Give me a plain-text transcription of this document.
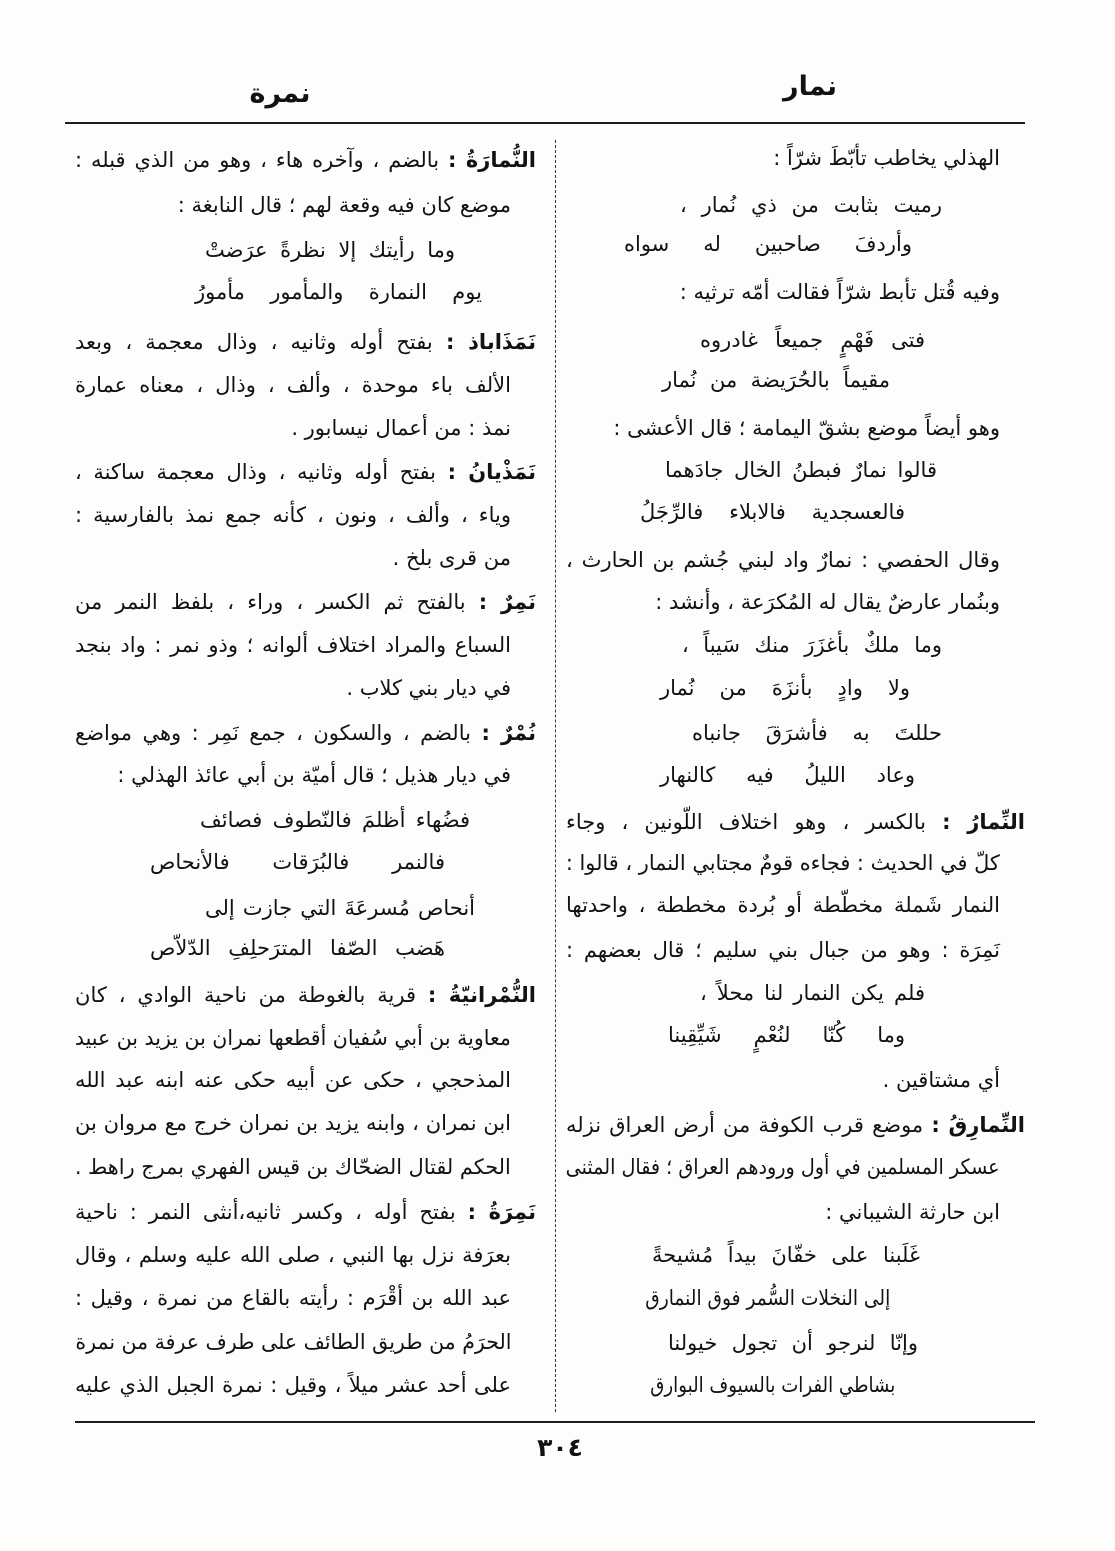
نمار
نمرة
الهذلي يخاطب تأبّطَ شرّاً :
رميت بثابت من ذي نُمار ،
وأردفَ صاحبين له سواه
وفيه قُتل تأبط شرّاً فقالت أمّه ترثيه :
فتى فَهْمٍ جميعاً غادروه
مقيماً بالحُرَيضة من نُمار
وهو أيضاً موضع بشقّ اليمامة ؛ قال الأعشى :
قالوا نمارٌ فبطنُ الخال جادَهما
فالعسجدية فالابلاء فالرِّجَلُ
وقال الحفصي : نمارٌ واد لبني جُشم بن الحارث ،
وبنُمار عارضٌ يقال له المُكرَعة ، وأنشد :
وما ملكٌ بأغزَرَ منك سَيباً ،
ولا وادٍ بأنزَهَ من نُمار
حللتَ به فأشرَقَ جانباه
وعاد الليلُ فيه كالنهار
النِّمارُ : بالكسر ، وهو اختلاف اللّونين ، وجاء
كلّ في الحديث : فجاءه قومٌ مجتابي النمار ، قالوا :
النمار شَملة مخطّطة أو بُردة مخططة ، واحدتها
نَمِرَة : وهو من جبال بني سليم ؛ قال بعضهم :
فلم يكن النمار لنا محلاً ،
وما كُنّا لنُعْمٍ شَيِّقِينا
أي مشتاقين .
النِّمارِقُ : موضع قرب الكوفة من أرض العراق نزله
عسكر المسلمين في أول ورودهم العراق ؛ فقال المثنى
ابن حارثة الشيباني :
غَلَبنا على خفّانَ بيداً مُشيحةً
إلى النخلات السُّمر فوق النمارق
وإنّا لنرجو أن تجول خيولنا
بشاطي الفرات بالسيوف البوارق
النُّمارَةُ : بالضم ، وآخره هاء ، وهو من الذي قبله :
موضع كان فيه وقعة لهم ؛ قال النابغة :
وما رأيتك إلا نظرةً عرَضتْ
يوم النمارة والمأمور مأمورُ
نَمَذَاباذ : بفتح أوله وثانيه ، وذال معجمة ، وبعد
الألف باء موحدة ، وألف ، وذال ، معناه عمارة
نمذ : من أعمال نيسابور .
نَمَذْيانُ : بفتح أوله وثانيه ، وذال معجمة ساكنة ،
وياء ، وألف ، ونون ، كأنه جمع نمذ بالفارسية :
من قرى بلخ .
نَمِرٌ : بالفتح ثم الكسر ، وراء ، بلفظ النمر من
السباع والمراد اختلاف ألوانه ؛ وذو نمر : واد بنجد
في ديار بني كلاب .
نُمْرٌ : بالضم ، والسكون ، جمع نَمِر : وهي مواضع
في ديار هذيل ؛ قال أميّة بن أبي عائذ الهذلي :
فضُهاء أظلمَ فالنّطوف فصائف
فالنمر فالبُرَقات فالأنحاص
أنحاص مُسرعَةَ التي جازت إلى
هَضب الصّفا المترَحلِفِ الدّلاّص
النُّمْرانيّةُ : قرية بالغوطة من ناحية الوادي ، كان
معاوية بن أبي سُفيان أقطعها نمران بن يزيد بن عبيد
المذحجي ، حكى عن أبيه حكى عنه ابنه عبد الله
ابن نمران ، وابنه يزيد بن نمران خرج مع مروان بن
الحكم لقتال الضحّاك بن قيس الفهري بمرج راهط .
نَمِرَةُ : بفتح أوله ، وكسر ثانيه،أنثى النمر : ناحية
بعرَفة نزل بها النبي ، صلى الله عليه وسلم ، وقال
عبد الله بن أقْرَم : رأيته بالقاع من نمرة ، وقيل :
الحرَمُ من طريق الطائف على طرف عرفة من نمرة
على أحد عشر ميلاً ، وقيل : نمرة الجبل الذي عليه
٣٠٤
